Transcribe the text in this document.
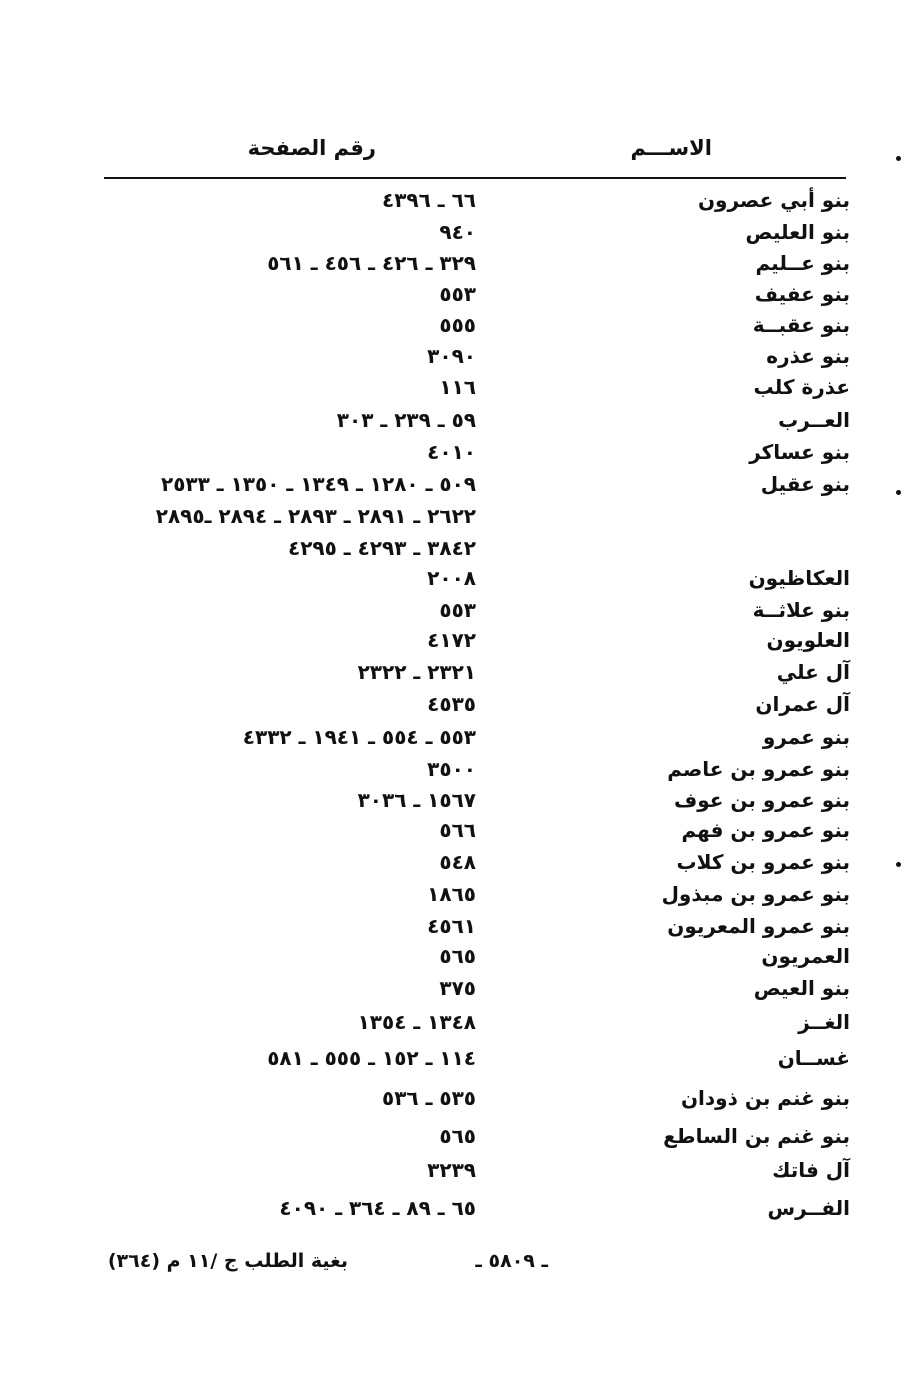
الاســـم
رقم الصفحة
بنو أبي عصرون
٦٦ ـ ٤٣٩٦
بنو العليص
٩٤٠
بنو عــليم
٣٢٩ ـ ٤٢٦ ـ ٤٥٦ ـ ٥٦١
بنو عفيف
٥٥٣
بنو عقبــة
٥٥٥
بنو عذره
٣٠٩٠
عذرة كلب
١١٦
العــرب
٥٩ ـ ٢٣٩ ـ ٣٠٣
بنو عساكر
٤٠١٠
بنو عقيل
٥٠٩ ـ ١٢٨٠ ـ ١٣٤٩ ـ ١٣٥٠ ـ ٢٥٣٣
٢٦٢٢ ـ ٢٨٩١ ـ ٢٨٩٣ ـ ٢٨٩٤ ـ٢٨٩٥
٣٨٤٢ ـ ٤٢٩٣ ـ ٤٢٩٥
العكاظيون
٢٠٠٨
بنو علاثــة
٥٥٣
العلويون
٤١٧٢
آل علي
٢٣٢١ ـ ٢٣٢٢
آل عمران
٤٥٣٥
بنو عمرو
٥٥٣ ـ ٥٥٤ ـ ١٩٤١ ـ ٤٣٣٢
بنو عمرو بن عاصم
٣٥٠٠
بنو عمرو بن عوف
١٥٦٧ ـ ٣٠٣٦
بنو عمرو بن فهم
٥٦٦
بنو عمرو بن كلاب
٥٤٨
بنو عمرو بن مبذول
١٨٦٥
بنو عمرو المعريون
٤٥٦١
العمريون
٥٦٥
بنو العيص
٣٧٥
الغــز
١٣٤٨ ـ ١٣٥٤
غســان
١١٤ ـ ١٥٢ ـ ٥٥٥ ـ ٥٨١
بنو غنم بن ذودان
٥٣٥ ـ ٥٣٦
بنو غنم بن الساطع
٥٦٥
آل فاتك
٣٢٣٩
الفــرس
٦٥ ـ ٨٩ ـ ٣٦٤ ـ ٤٠٩٠
ـ ٥٨٠٩ ـ
بغية الطلب ج /١١ م (٣٦٤)
